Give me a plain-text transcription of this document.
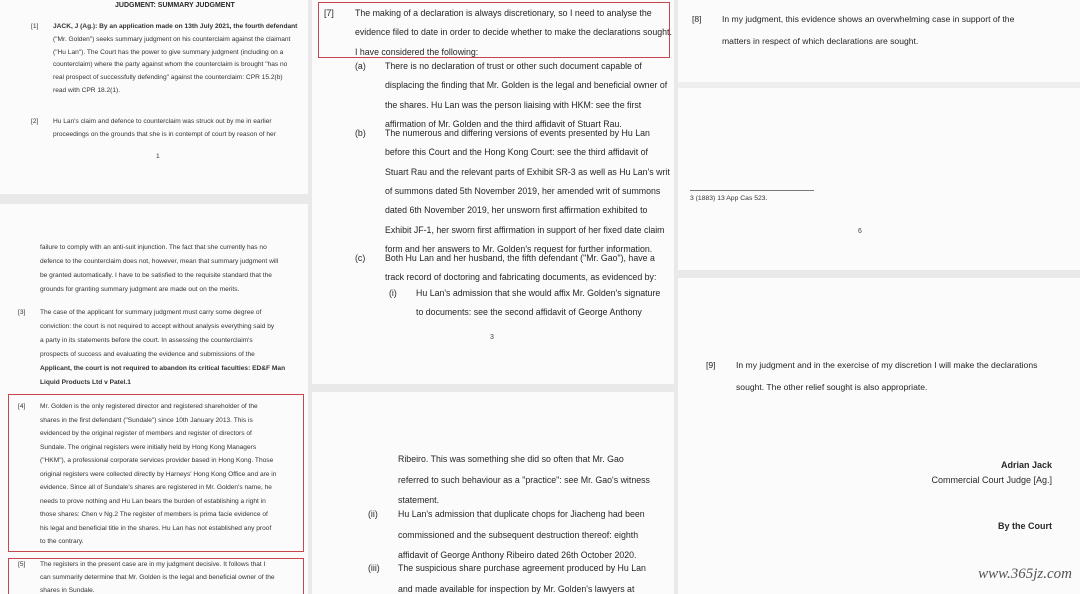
JUDGMENT: SUMMARY JUDGMENT
[1] JACK, J (Ag.): By an application made on 13th July 2021, the fourth defendant
("Mr. Golden") seeks summary judgment on his counterclaim against the claimant
("Hu Lan"). The Court has the power to give summary judgment (including on a
counterclaim) where the party against whom the counterclaim is brought "has no
real prospect of successfully defending" against the counterclaim: CPR 15.2(b)
read with CPR 18.2(1).
[2] Hu Lan's claim and defence to counterclaim was struck out by me in earlier
proceedings on the grounds that she is in contempt of court by reason of her
1
failure to comply with an anti-suit injunction. The fact that she currently has no
defence to the counterclaim does not, however, mean that summary judgment will
be granted automatically. I have to be satisfied to the requisite standard that the
grounds for granting summary judgment are made out on the merits.
[3] The case of the applicant for summary judgment must carry some degree of
conviction: the court is not required to accept without analysis everything said by
a party in its statements before the court. In assessing the counterclaim's
prospects of success and evaluating the evidence and submissions of the
Applicant, the court is not required to abandon its critical faculties: ED&F Man
Liquid Products Ltd v Patel.1
[4] Mr. Golden is the only registered director and registered shareholder of the
shares in the first defendant ("Sundale") since 10th January 2013. This is
evidenced by the original register of members and register of directors of
Sundale. The original registers were initially held by Hong Kong Managers
("HKM"), a professional corporate services provider based in Hong Kong. Those
original registers were collected directly by Harneys' Hong Kong Office and are in
evidence. Since all of Sundale's shares are registered in Mr. Golden's name, he
needs to prove nothing and Hu Lan bears the burden of establishing a right in
those shares: Chen v Ng.2 The register of members is prima facie evidence of
his legal and beneficial title in the shares. Hu Lan has not established any proof
to the contrary.
[5] The registers in the present case are in my judgment decisive. It follows that I
can summarily determine that Mr. Golden is the legal and beneficial owner of the
shares in Sundale.
[7] The making of a declaration is always discretionary, so I need to analyse the
evidence filed to date in order to decide whether to make the declarations sought.
I have considered the following:
(a) There is no declaration of trust or other such document capable of
displacing the finding that Mr. Golden is the legal and beneficial owner of
the shares. Hu Lan was the person liaising with HKM: see the first
affirmation of Mr. Golden and the third affidavit of Stuart Rau.
(b) The numerous and differing versions of events presented by Hu Lan
before this Court and the Hong Kong Court: see the third affidavit of
Stuart Rau and the relevant parts of Exhibit SR-3 as well as Hu Lan's writ
of summons dated 5th November 2019, her amended writ of summons
dated 6th November 2019, her unsworn first affirmation exhibited to
Exhibit JF-1, her sworn first affirmation in support of her fixed date claim
form and her answers to Mr. Golden's request for further information.
(c) Both Hu Lan and her husband, the fifth defendant ("Mr. Gao"), have a
track record of doctoring and fabricating documents, as evidenced by:
(i) Hu Lan's admission that she would affix Mr. Golden's signature
to documents: see the second affidavit of George Anthony
3
Ribeiro. This was something she did so often that Mr. Gao
referred to such behaviour as a "practice": see Mr. Gao's witness
statement.
(ii) Hu Lan's admission that duplicate chops for Jiacheng had been
commissioned and the subsequent destruction thereof: eighth
affidavit of George Anthony Ribeiro dated 26th October 2020.
(iii) The suspicious share purchase agreement produced by Hu Lan
and made available for inspection by Mr. Golden's lawyers at
[8] In my judgment, this evidence shows an overwhelming case in support of the
matters in respect of which declarations are sought.
3 (1883) 13 App Cas 523.
6
[9] In my judgment and in the exercise of my discretion I will make the declarations
sought. The other relief sought is also appropriate.
Adrian Jack
Commercial Court Judge [Ag.]
By the Court
www.365jz.com
